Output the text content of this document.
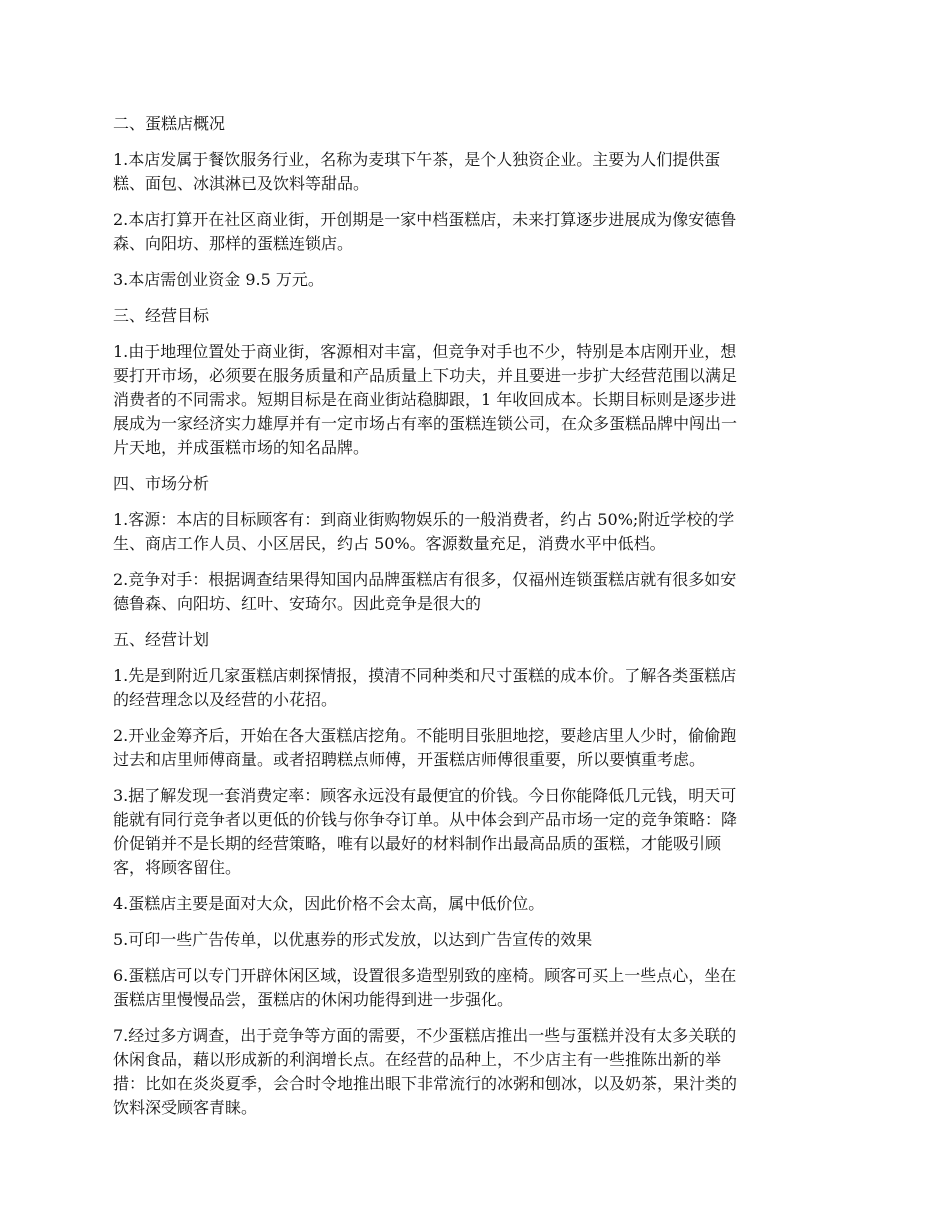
二、蛋糕店概况

1.本店发属于餐饮服务行业，名称为麦琪下午茶，是个人独资企业。主要为人们提供蛋
糕、面包、冰淇淋已及饮料等甜品。

2.本店打算开在社区商业街，开创期是一家中档蛋糕店，未来打算逐步进展成为像安德鲁
森、向阳坊、那样的蛋糕连锁店。

3.本店需创业资金 9.5 万元。

三、经营目标

1.由于地理位置处于商业街，客源相对丰富，但竞争对手也不少，特别是本店刚开业，想
要打开市场，必须要在服务质量和产品质量上下功夫，并且要进一步扩大经营范围以满足
消费者的不同需求。短期目标是在商业街站稳脚跟，1 年收回成本。长期目标则是逐步进
展成为一家经济实力雄厚并有一定市场占有率的蛋糕连锁公司，在众多蛋糕品牌中闯出一
片天地，并成蛋糕市场的知名品牌。

四、市场分析

1.客源：本店的目标顾客有：到商业街购物娱乐的一般消费者，约占 50%;附近学校的学
生、商店工作人员、小区居民，约占 50%。客源数量充足，消费水平中低档。

2.竞争对手：根据调查结果得知国内品牌蛋糕店有很多，仅福州连锁蛋糕店就有很多如安
德鲁森、向阳坊、红叶、安琦尔。因此竞争是很大的

五、经营计划

1.先是到附近几家蛋糕店刺探情报，摸清不同种类和尺寸蛋糕的成本价。了解各类蛋糕店
的经营理念以及经营的小花招。

2.开业金筹齐后，开始在各大蛋糕店挖角。不能明目张胆地挖，要趁店里人少时，偷偷跑
过去和店里师傅商量。或者招聘糕点师傅，开蛋糕店师傅很重要，所以要慎重考虑。

3.据了解发现一套消费定率：顾客永远没有最便宜的价钱。今日你能降低几元钱，明天可
能就有同行竞争者以更低的价钱与你争夺订单。从中体会到产品市场一定的竞争策略：降
价促销并不是长期的经营策略，唯有以最好的材料制作出最高品质的蛋糕，才能吸引顾
客，将顾客留住。

4.蛋糕店主要是面对大众，因此价格不会太高，属中低价位。

5.可印一些广告传单，以优惠券的形式发放，以达到广告宣传的效果

6.蛋糕店可以专门开辟休闲区域，设置很多造型别致的座椅。顾客可买上一些点心，坐在
蛋糕店里慢慢品尝，蛋糕店的休闲功能得到进一步强化。

7.经过多方调查，出于竞争等方面的需要，不少蛋糕店推出一些与蛋糕并没有太多关联的
休闲食品，藉以形成新的利润增长点。在经营的品种上，不少店主有一些推陈出新的举
措：比如在炎炎夏季，会合时令地推出眼下非常流行的冰粥和刨冰，以及奶茶，果汁类的
饮料深受顾客青睐。
